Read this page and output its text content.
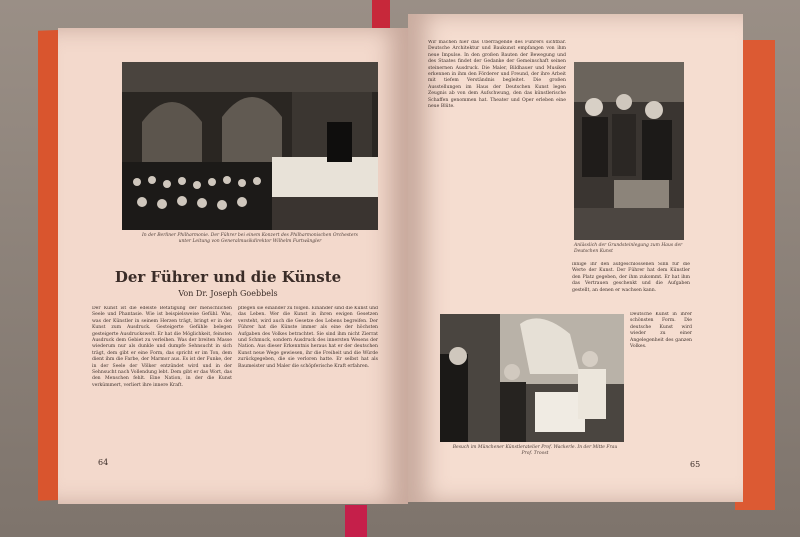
In der Berliner Philharmonie. Der Führer bei einem Konzert des Philharmonischen Orchesters unter Leitung von Generalmusikdirektor Wilhelm Furtwängler
Der Führer und die Künste
Von Dr. Joseph Goebbels
Der Kunst ist die edelste Betätigung der menschlichen Seele und Phantasie. Wie ist beispielsweise Gefühl. Was, was der Künstler in seinem Herzen trägt, bringt er in der Kunst zum Ausdruck. Gesteigerte Gefühle belegen gesteigerte Ausdruckswelt. Er hat die Möglichkeit, feinsten Ausdruck dem Gebiet zu verleihen. Was der breiten Masse wiederum nur als dunkle und dumpfe Sehnsucht in sich trägt, dem gibt er eine Form, das spricht er im Ton, dem dient ihm die Farbe, der Marmor aus. Es ist der Funke, der in der Seele der Völker entzündet wird und in der Sehnsucht nach Vollendung lebt. Dem gibt er das Wort, das den Menschen fehlt. Eine Nation, in der die Kunst verkümmert, verliert ihre innere Kraft.
pflegen sie einander zu folgen. Einander sind die Kunst und das Leben. Wer die Kunst in ihren ewigen Gesetzen versteht, wird auch die Gesetze des Lebens begreifen. Der Führer hat die Künste immer als eine der höchsten Aufgaben des Volkes betrachtet. Sie sind ihm nicht Zierrat und Schmuck, sondern Ausdruck des innersten Wesens der Nation. Aus dieser Erkenntnis heraus hat er der deutschen Kunst neue Wege gewiesen, ihr die Freiheit und die Würde zurückgegeben, die sie verloren hatte. Er selbst hat als Baumeister und Maler die schöpferische Kraft erfahren.
64
Wir machen hier das Überragende des Führers sichtbar. Deutsche Architektur und Baukunst empfangen von ihm neue Impulse. In den großen Bauten der Bewegung und des Staates findet der Gedanke der Gemeinschaft seinen steinernen Ausdruck. Die Maler, Bildhauer und Musiker erkennen in ihm den Förderer und Freund, der ihre Arbeit mit tiefem Verständnis begleitet. Die großen Ausstellungen im Haus der Deutschen Kunst legen Zeugnis ab von dem Aufschwung, den das künstlerische Schaffen genommen hat. Theater und Oper erleben eine neue Blüte.
Anlässlich der Grundsteinlegung zum Haus der Deutschen Kunst
innige ihr den aufgeschlossenen Sinn für die Werte der Kunst. Der Führer hat dem Künstler den Platz gegeben, der ihm zukommt. Er hat ihm das Vertrauen geschenkt und die Aufgaben gestellt, an denen er wachsen kann.
Besuch im Münchener Künstleratelier Prof. Wackerle. In der Mitte Frau Prof. Troost
Deutsche Kunst in ihrer schönsten Form. Die deutsche Kunst wird wieder zu einer Angelegenheit des ganzen Volkes.
65
